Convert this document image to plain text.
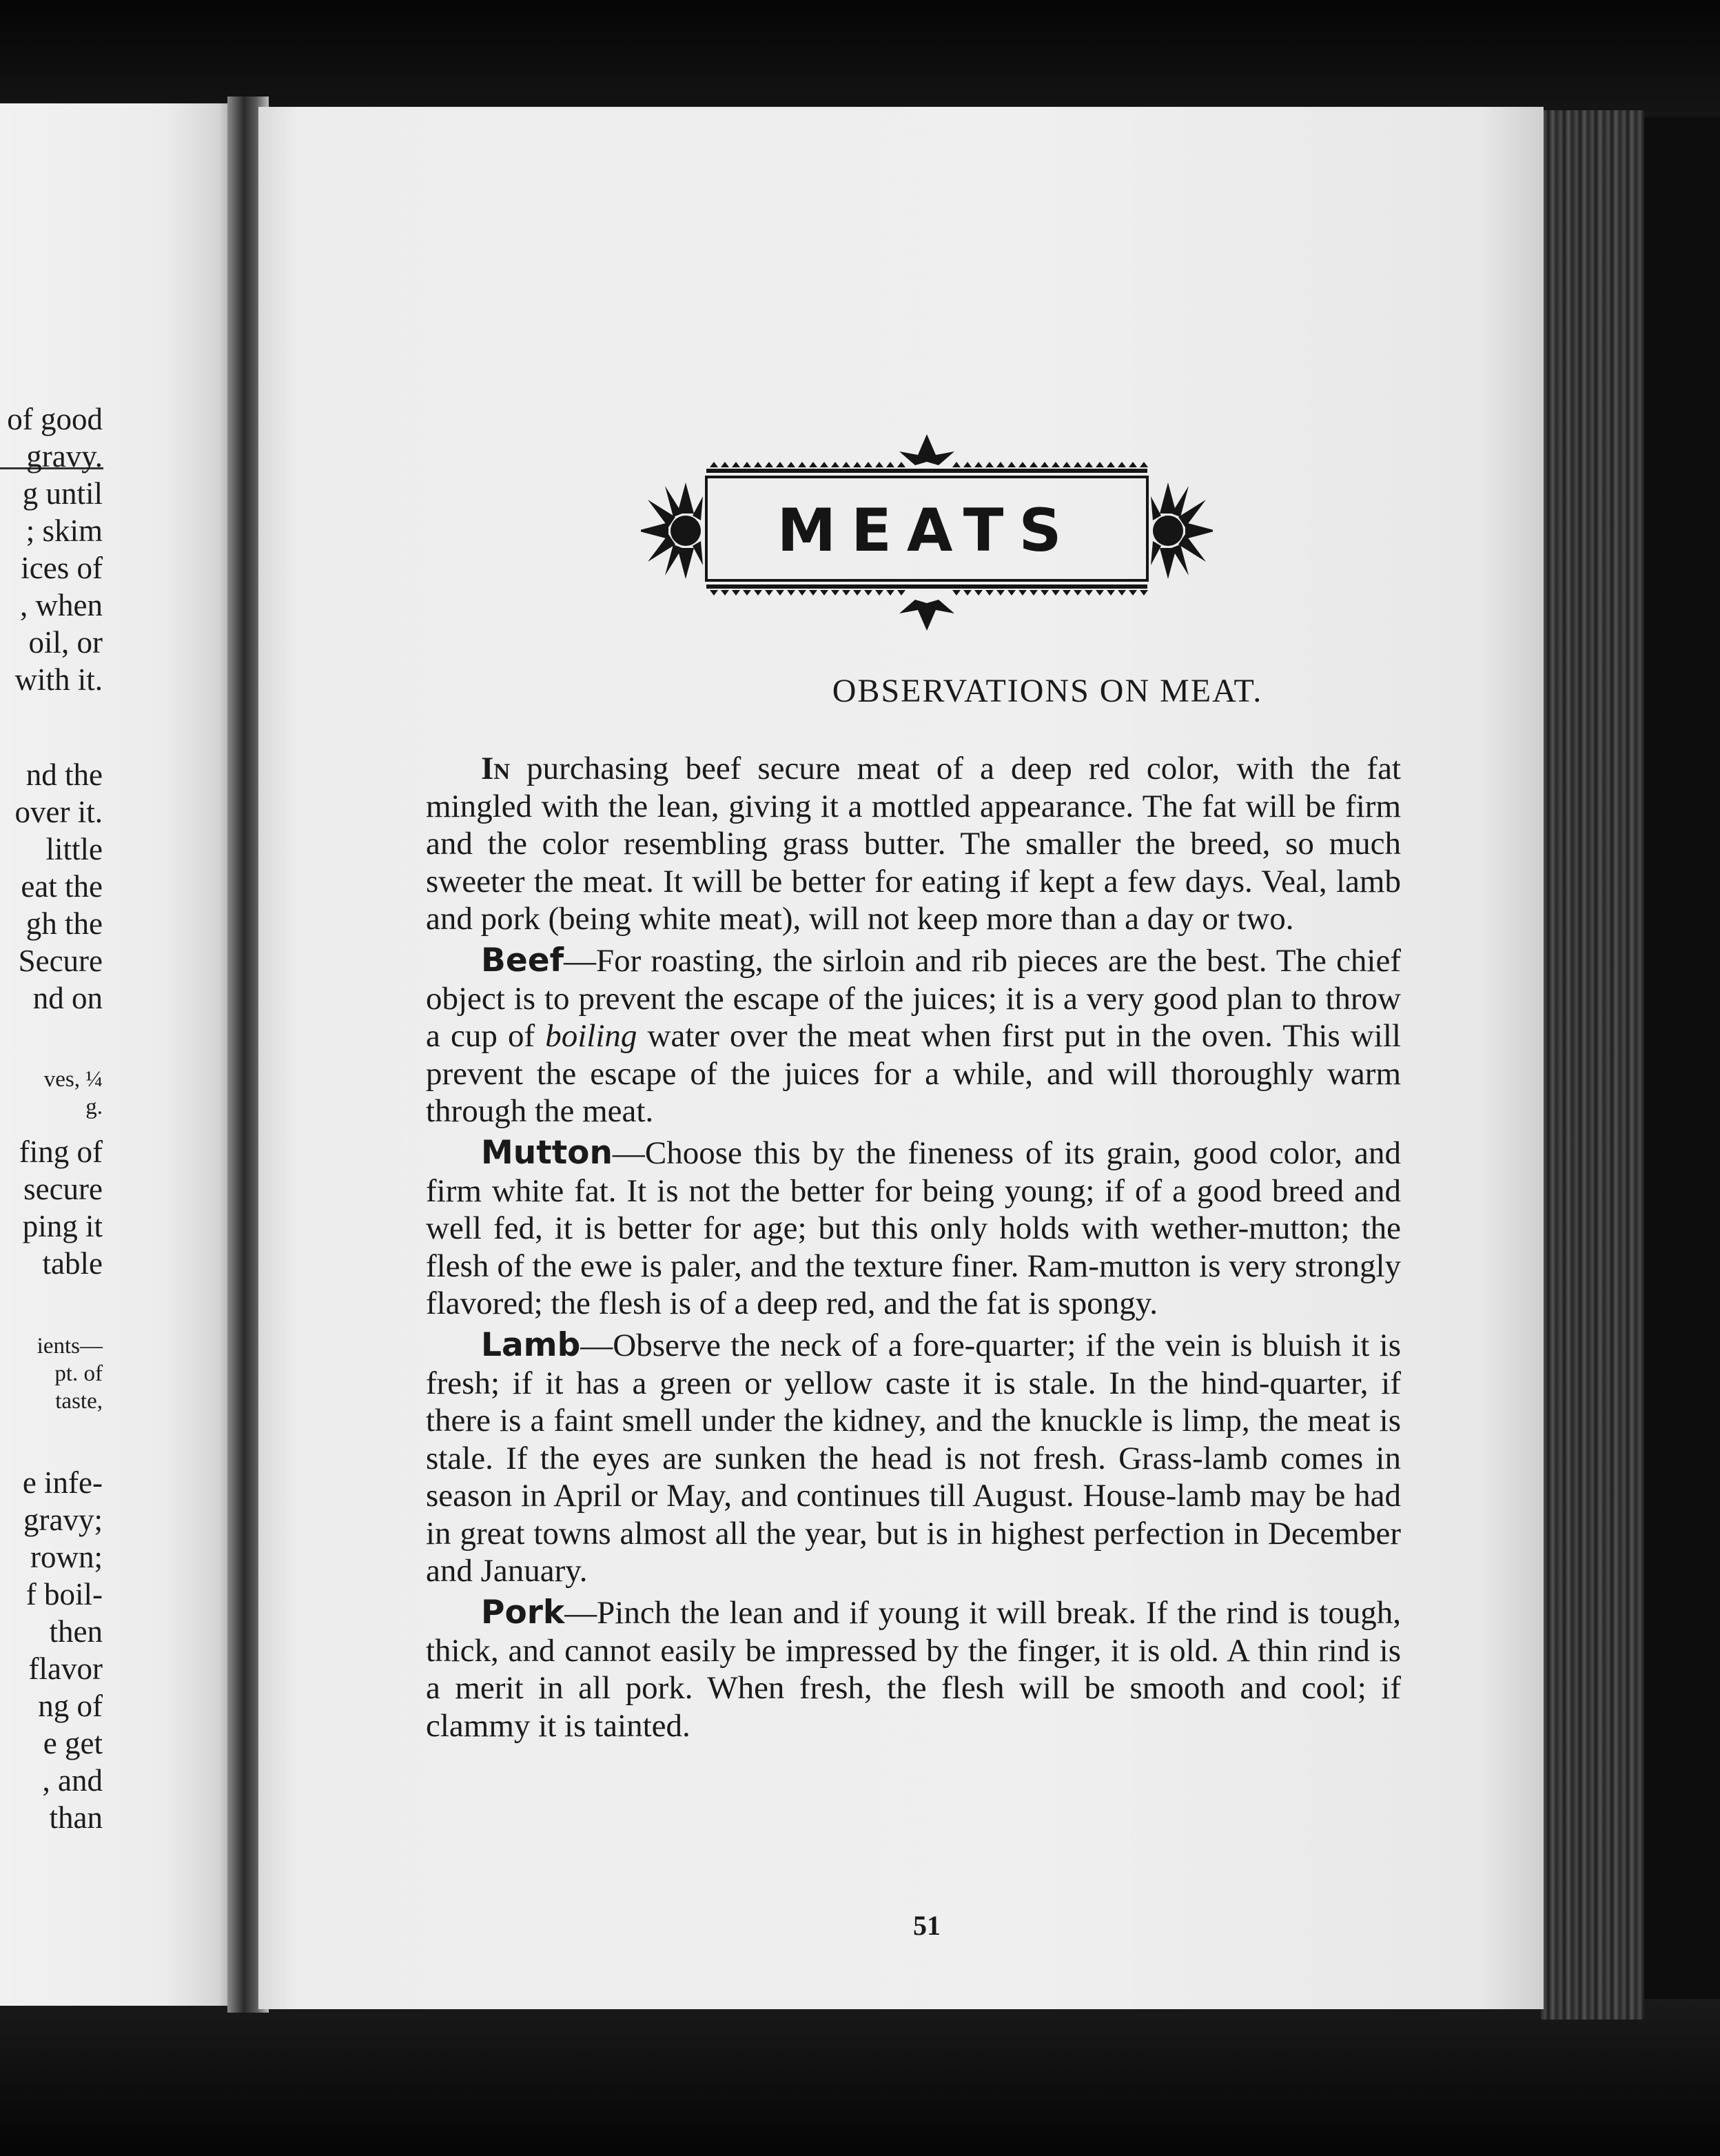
of good
gravy.
g until
; skim
ices of
, when
oil, or
with it.
nd the
over it.
little
eat the
gh the
Secure
nd on
ves, ¼
g.
fing of
secure
ping it
table
ients—
pt. of
taste,
e infe-
gravy;
rown;
f boil-
then
flavor
ng of
e get
, and
than
MEATS
OBSERVATIONS ON MEAT.

In purchasing beef secure meat of a deep red color, with the fat mingled with the lean, giving it a mottled appearance. The fat will be firm and the color resembling grass butter. The smaller the breed, so much sweeter the meat. It will be better for eating if kept a few days. Veal, lamb and pork (being white meat), will not keep more than a day or two.

Beef—For roasting, the sirloin and rib pieces are the best. The chief object is to prevent the escape of the juices; it is a very good plan to throw a cup of boiling water over the meat when first put in the oven. This will prevent the escape of the juices for a while, and will thoroughly warm through the meat.

Mutton—Choose this by the fineness of its grain, good color, and firm white fat. It is not the better for being young; if of a good breed and well fed, it is better for age; but this only holds with wether-mutton; the flesh of the ewe is paler, and the texture finer. Ram-mutton is very strongly flavored; the flesh is of a deep red, and the fat is spongy.

Lamb—Observe the neck of a fore-quarter; if the vein is bluish it is fresh; if it has a green or yellow caste it is stale. In the hind-quarter, if there is a faint smell under the kidney, and the knuckle is limp, the meat is stale. If the eyes are sunken the head is not fresh. Grass-lamb comes in season in April or May, and continues till August. House-lamb may be had in great towns almost all the year, but is in highest perfection in December and January.

Pork—Pinch the lean and if young it will break. If the rind is tough, thick, and cannot easily be impressed by the finger, it is old. A thin rind is a merit in all pork. When fresh, the flesh will be smooth and cool; if clammy it is tainted.

51
